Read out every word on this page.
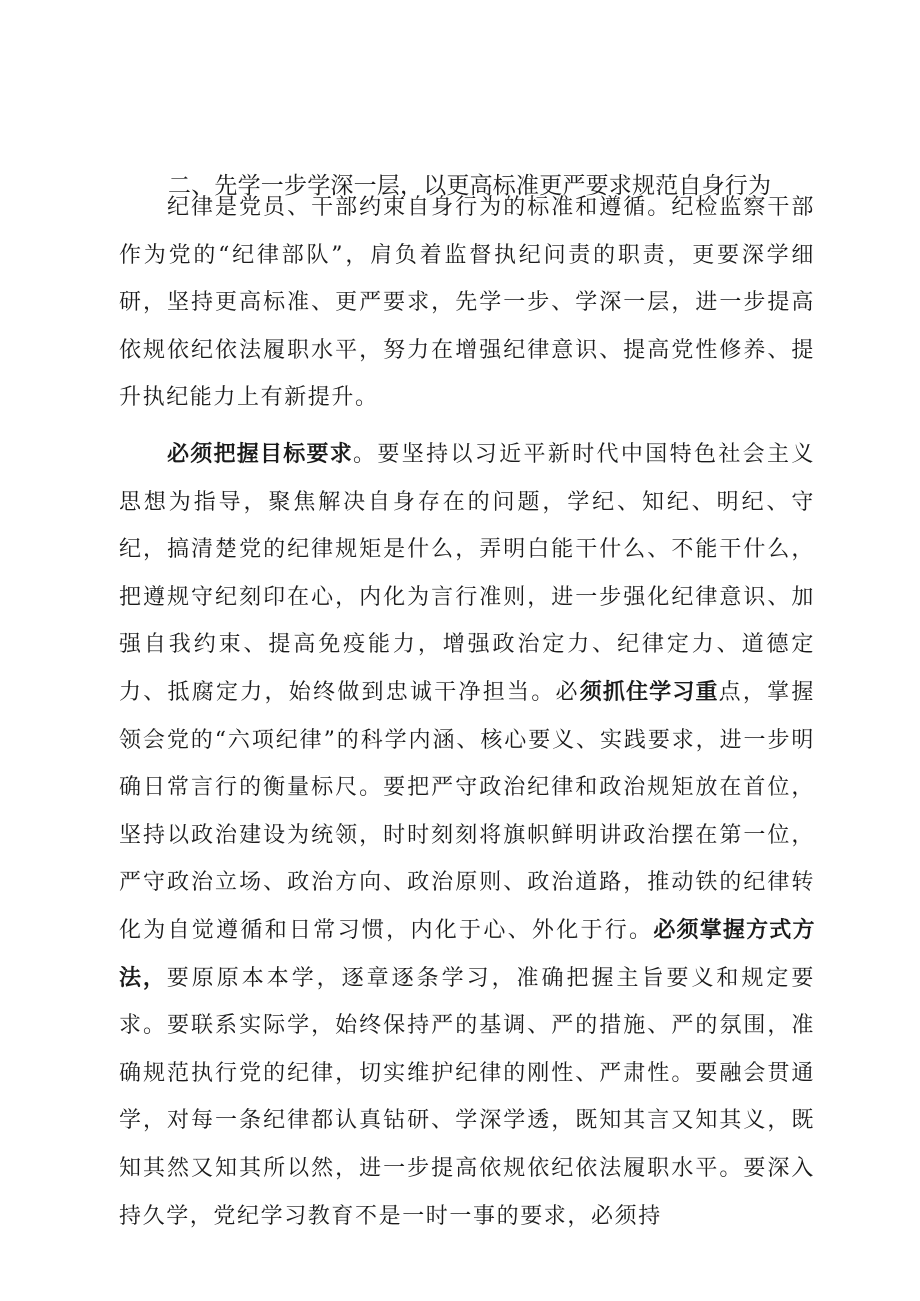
二、先学一步学深一层，以更高标准更严要求规范自身行为

纪律是党员、干部约束自身行为的标准和遵循。纪检监察干部作为党的“纪律部队”，肩负着监督执纪问责的职责，更要深学细研，坚持更高标准、更严要求，先学一步、学深一层，进一步提高依规依纪依法履职水平，努力在增强纪律意识、提高党性修养、提升执纪能力上有新提升。

必须把握目标要求。要坚持以习近平新时代中国特色社会主义思想为指导，聚焦解决自身存在的问题，学纪、知纪、明纪、守纪，搞清楚党的纪律规矩是什么，弄明白能干什么、不能干什么，把遵规守纪刻印在心，内化为言行准则，进一步强化纪律意识、加强自我约束、提高免疫能力，增强政治定力、纪律定力、道德定力、抵腐定力，始终做到忠诚干净担当。必须抓住学习重点，掌握领会党的“六项纪律”的科学内涵、核心要义、实践要求，进一步明确日常言行的衡量标尺。要把严守政治纪律和政治规矩放在首位，坚持以政治建设为统领，时时刻刻将旗帜鲜明讲政治摆在第一位，严守政治立场、政治方向、政治原则、政治道路，推动铁的纪律转化为自觉遵循和日常习惯，内化于心、外化于行。必须掌握方式方法，要原原本本学，逐章逐条学习，准确把握主旨要义和规定要求。要联系实际学，始终保持严的基调、严的措施、严的氛围，准确规范执行党的纪律，切实维护纪律的刚性、严肃性。要融会贯通学，对每一条纪律都认真钻研、学深学透，既知其言又知其义，既知其然又知其所以然，进一步提高依规依纪依法履职水平。要深入持久学，党纪学习教育不是一时一事的要求，必须持
